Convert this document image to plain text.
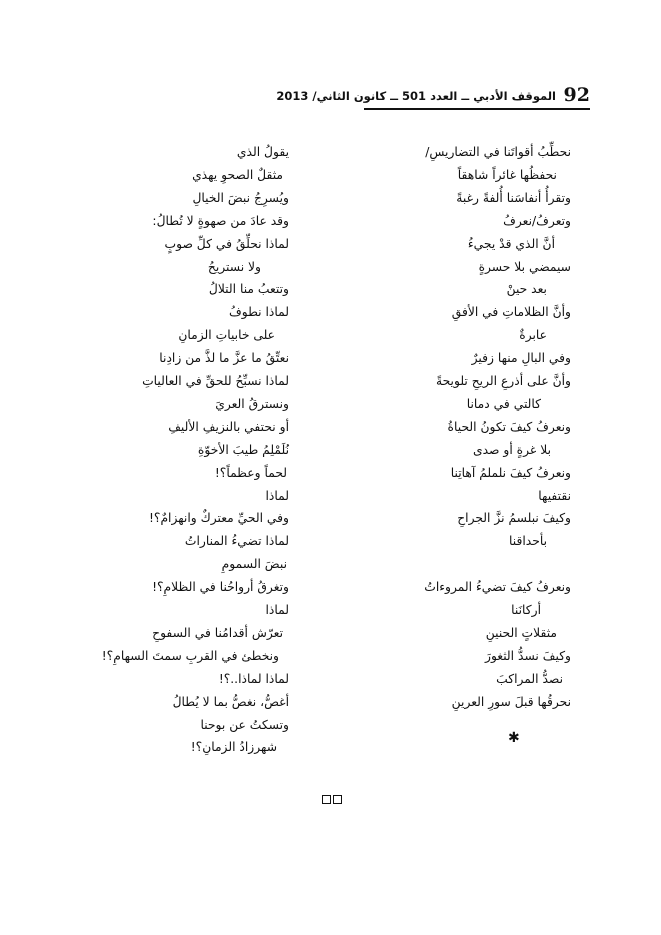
92
الموقف الأدبي ــ العدد 501 ــ كانون الثاني/ 2013
نحطِّبُ أقواتَنا في التضاريسِ/
نحفظُها غائراً شاهقاً
وتقرأُ أنفاسَنا أُلفةً رغبةً
وتعرفُ/نعرفُ
أنَّ الذي قدْ يجيءُ
سيمضي بلا حسرةٍ
بعد حينْ
وأنَّ الظلاماتِ في الأفقِ
عابرةٌ
وفي البالِ منها زفيرٌ
وأنَّ على أذرعِ الريحِ تلويحةً
كالتي في دمانا
ونعرفُ كيفَ تكونُ الحياةُ
بلا غرةٍ أو صدى
ونعرفُ كيفَ نلملمُ آهاتِنا
نقتفيها
وكيفَ نبلسمُ نزَّ الجراحِ
بأحداقنا
ونعرفُ كيفَ تضيءُ المروءاتُ
أركانَنا
مثقلاتٍ الحنينِ
وكيفَ نسدُّ الثغورَ
نصدُّ المراكبَ
نحرقُها قبلَ سورِ العرينِ
يقولُ الذي
مثقلٌ الصحوِ يهذي
ويُسرِجُ نبضَ الخيالِ
وقد عادَ من صهوةٍ لا تُطالُ:
لماذا نحلِّقُ في كلِّ صوبٍ
ولا نستريحُ
وتتعبُ منا التلالُ
لماذا نطوفُ
على خابياتِ الزمانِ
نعتِّقُ ما عزَّ ما لذَّ من زادِنا
لماذا نسبِّحُ للحقِّ في العالياتِ
ونسترقُ العريَ
أو نحتفي بالنزيفِ الأليفِ
نُلَمْلِمُ طيبَ الأخوّةِ
لحماً وعظماً؟!
لماذا
وفي الحيِّ معتركٌ وانهزامٌ؟!
لماذا تضيءُ المناراتُ
نبضَ السمومِ
وتغرقُ أرواحُنا في الظلامِ؟!
لماذا
تعرّش أقدامُنا في السفوحِ
ونخطئ في القربِ سمتَ السهامِ؟!
لماذا لماذا..؟!
أغصُّ، نغصُّ بما لا يُطالُ
وتسكتُ عن بوحنا
شهرزادُ الزمانِ؟!
✱
